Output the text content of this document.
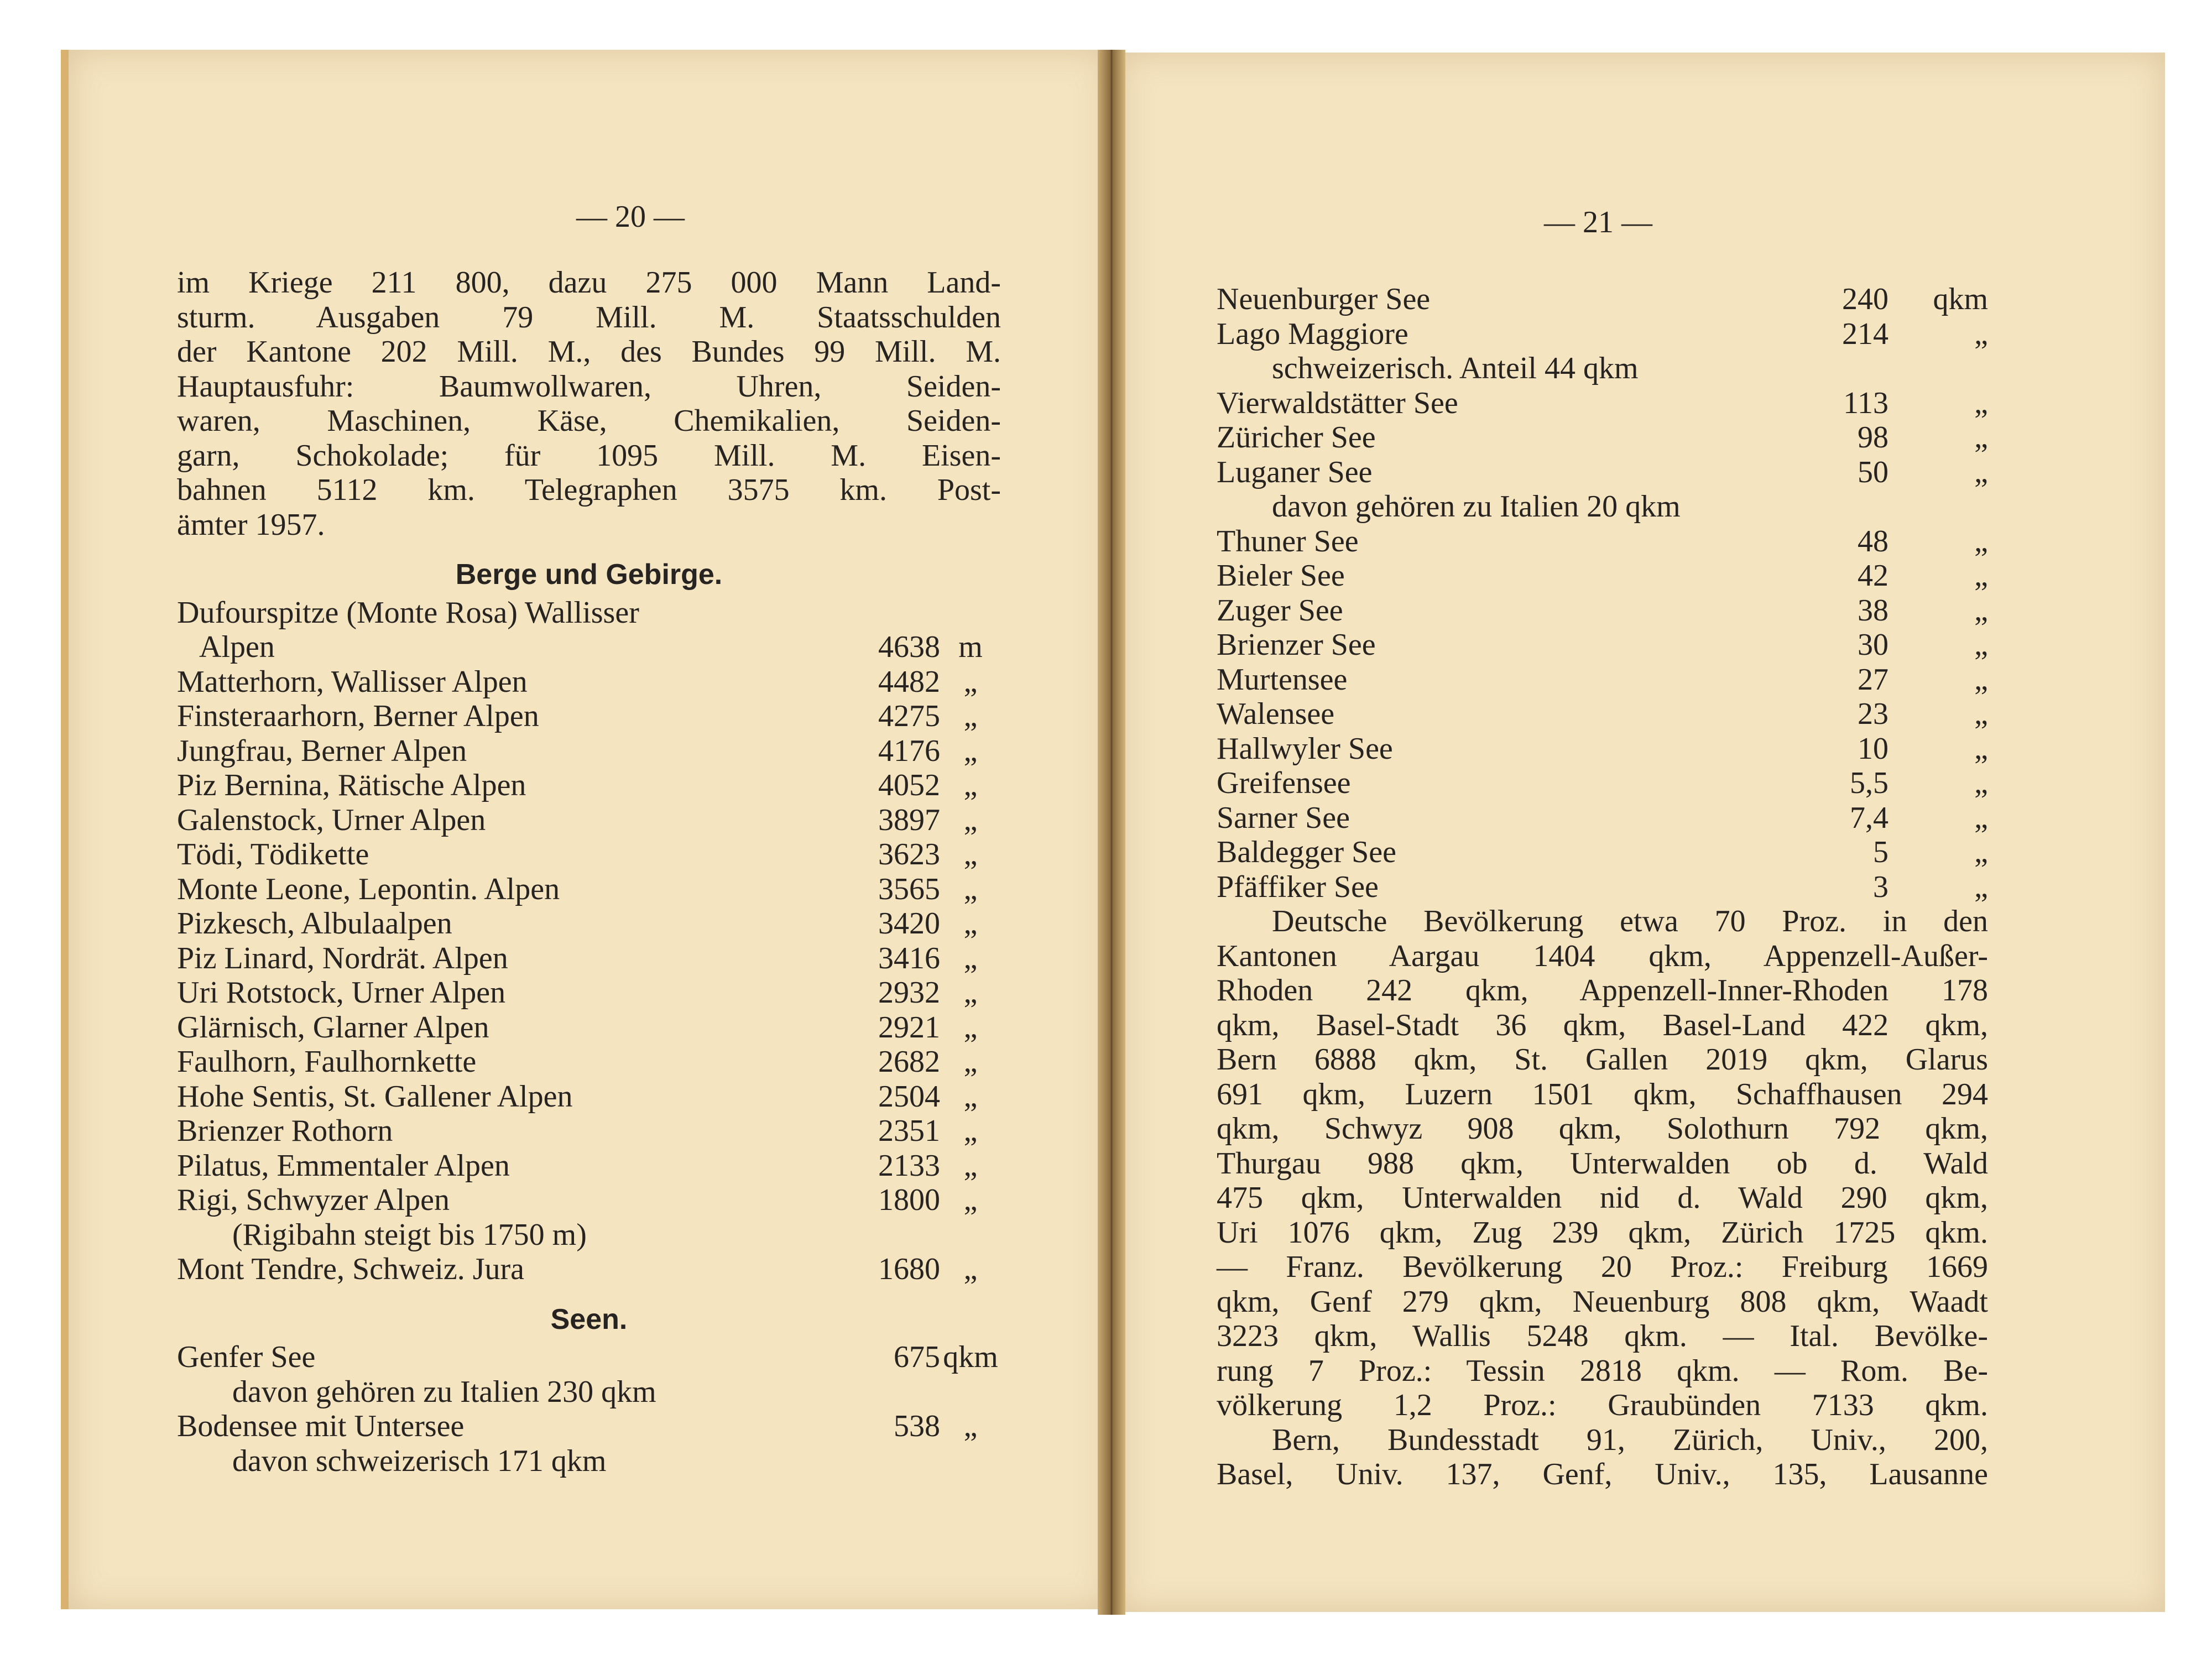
— 20 —	— 21 —

im Kriege 211 800, dazu 275 000 Mann Land-

sturm. Ausgaben 79 Mill. M. Staatsschulden

der Kantone 202 Mill. M., des Bundes 99 Mill. M.

Hauptausfuhr: Baumwollwaren, Uhren, Seiden-

waren, Maschinen, Käse, Chemikalien, Seiden-

garn, Schokolade; für 1095 Mill. M. Eisen-

bahnen 5112 km. Telegraphen 3575 km. Post-

ämter 1957.

Berge und Gebirge.

Dufourspitze (Monte Rosa) Wallisser

Alpen	4638 m
Matterhorn, Wallisser Alpen	4482 „
Finsteraarhorn, Berner Alpen	4275 „
Jungfrau, Berner Alpen	4176 „
Piz Bernina, Rätische Alpen	4052 „
Galenstock, Urner Alpen	3897 „
Tödi, Tödikette	3623 „
Monte Leone, Lepontin. Alpen	3565 „
Pizkesch, Albulaalpen	3420 „
Piz Linard, Nordrät. Alpen	3416 „
Uri Rotstock, Urner Alpen	2932 „
Glärnisch, Glarner Alpen	2921 „
Faulhorn, Faulhornkette	2682 „
Hohe Sentis, St. Gallener Alpen	2504 „
Brienzer Rothorn	2351 „
Pilatus, Emmentaler Alpen	2133 „
Rigi, Schwyzer Alpen	1800 „

(Rigibahn steigt bis 1750 m)

Mont Tendre, Schweiz. Jura	1680 „
Seen.
Genfer See	675 qkm

davon gehören zu Italien 230 qkm

Bodensee mit Untersee	538 „

davon schweizerisch 171 qkm

Neuenburger See	240	qkm
Lago Maggiore	214	„

schweizerisch. Anteil 44 qkm

Vierwaldstätter See	113	„
Züricher See	98	„
Luganer See	50	„

davon gehören zu Italien 20 qkm

Thuner See	48	„
Bieler See	42	„
Zuger See	38	„
Brienzer See	30	„
Murtensee	27	„
Walensee	23	„
Hallwyler See	10	„
Greifensee	5,5	„
Sarner See	7,4	„
Baldegger See	5	„
Pfäffiker See	3	„

Deutsche Bevölkerung etwa 70 Proz. in den

Kantonen Aargau 1404 qkm, Appenzell-Außer-

Rhoden 242 qkm, Appenzell-Inner-Rhoden 178

qkm, Basel-Stadt 36 qkm, Basel-Land 422 qkm,

Bern 6888 qkm, St. Gallen 2019 qkm, Glarus

691 qkm, Luzern 1501 qkm, Schaffhausen 294

qkm, Schwyz 908 qkm, Solothurn 792 qkm,

Thurgau 988 qkm, Unterwalden ob d. Wald

475 qkm, Unterwalden nid d. Wald 290 qkm,

Uri 1076 qkm, Zug 239 qkm, Zürich 1725 qkm.

— Franz. Bevölkerung 20 Proz.: Freiburg 1669

qkm, Genf 279 qkm, Neuenburg 808 qkm, Waadt

3223 qkm, Wallis 5248 qkm. — Ital. Bevölke-

rung 7 Proz.: Tessin 2818 qkm. — Rom. Be-

völkerung 1,2 Proz.: Graubünden 7133 qkm.

Bern, Bundesstadt 91, Zürich, Univ., 200,

Basel, Univ. 137, Genf, Univ., 135, Lausanne
